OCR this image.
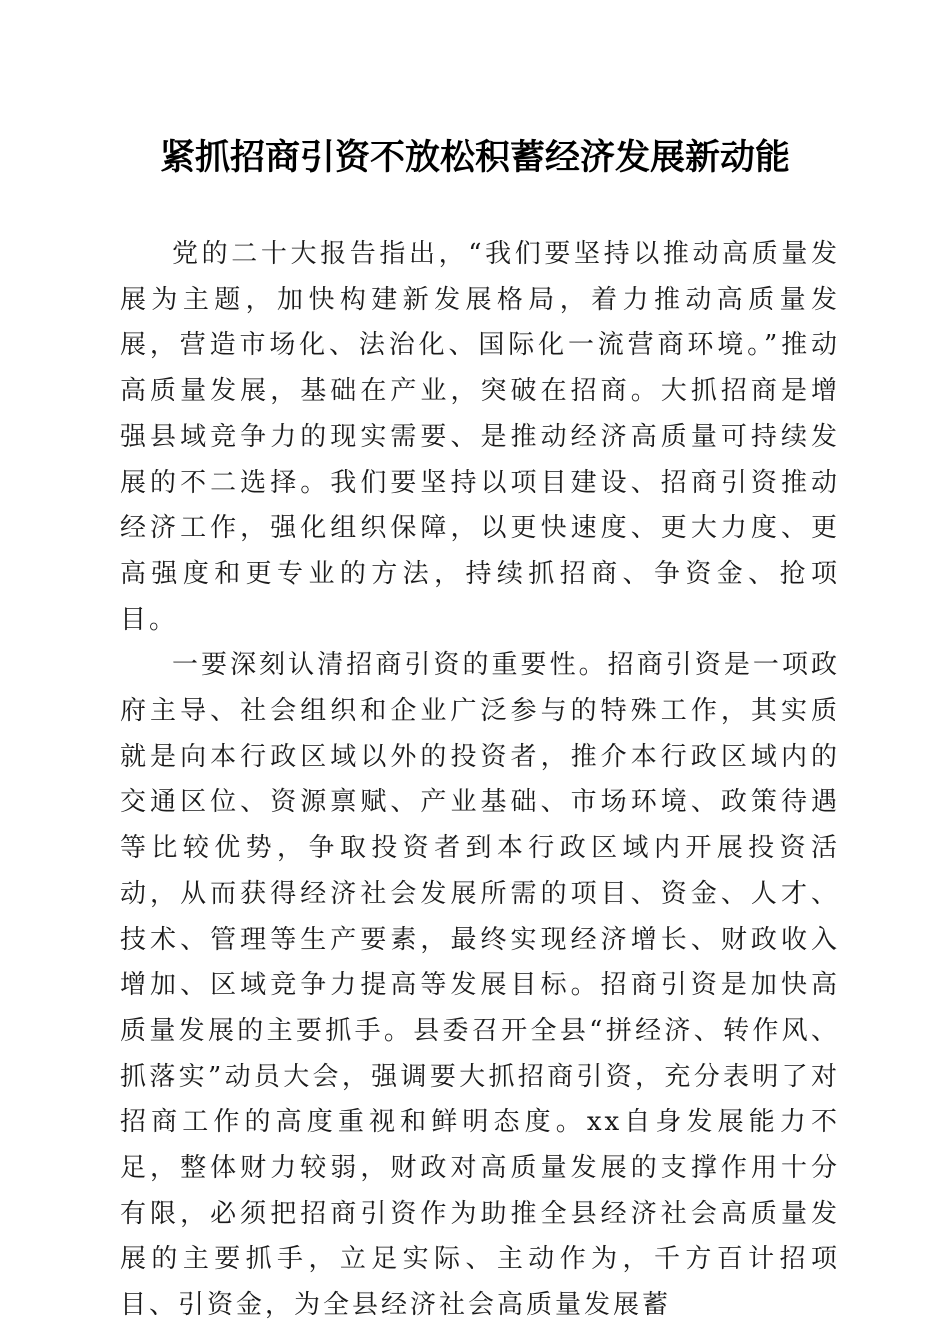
紧抓招商引资不放松积蓄经济发展新动能

党的二十大报告指出，“我们要坚持以推动高质量发展为主题，加快构建新发展格局，着力推动高质量发展，营造市场化、法治化、国际化一流营商环境。”推动高质量发展，基础在产业，突破在招商。大抓招商是增强县域竞争力的现实需要、是推动经济高质量可持续发展的不二选择。我们要坚持以项目建设、招商引资推动经济工作，强化组织保障，以更快速度、更大力度、更高强度和更专业的方法，持续抓招商、争资金、抢项目。

一要深刻认清招商引资的重要性。招商引资是一项政府主导、社会组织和企业广泛参与的特殊工作，其实质就是向本行政区域以外的投资者，推介本行政区域内的交通区位、资源禀赋、产业基础、市场环境、政策待遇等比较优势，争取投资者到本行政区域内开展投资活动，从而获得经济社会发展所需的项目、资金、人才、技术、管理等生产要素，最终实现经济增长、财政收入增加、区域竞争力提高等发展目标。招商引资是加快高质量发展的主要抓手。县委召开全县“拼经济、转作风、抓落实”动员大会，强调要大抓招商引资，充分表明了对招商工作的高度重视和鲜明态度。xx自身发展能力不足，整体财力较弱，财政对高质量发展的支撑作用十分有限，必须把招商引资作为助推全县经济社会高质量发展的主要抓手，立足实际、主动作为，千方百计招项目、引资金，为全县经济社会高质量发展蓄
